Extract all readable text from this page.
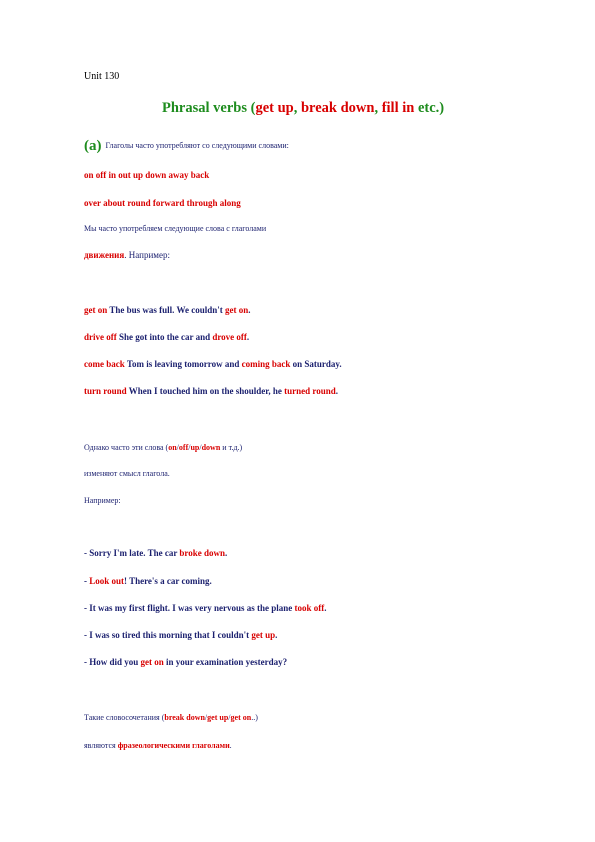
Unit 130
Phrasal verbs (get up, break down, fill in etc.)
(a) Глаголы часто употребляют со следующими словами:
on off in out up down away back
over about round forward through along
Мы часто употребляем следующие слова с глаголами
движения. Например:
get on The bus was full. We couldn't get on.
drive off She got into the car and drove off.
come back Tom is leaving tomorrow and coming back on Saturday.
turn round When I touched him on the shoulder, he turned round.
Однако часто эти слова (on/off/up/down и т.д.)
изменяют смысл глагола.
Например:
- Sorry I'm late. The car broke down.
- Look out! There's a car coming.
- It was my first flight. I was very nervous as the plane took off.
- I was so tired this morning that I couldn't get up.
- How did you get on in your examination yesterday?
Такие словосочетания (break down/get up/get on..)
являются фразеологическими глаголами.
